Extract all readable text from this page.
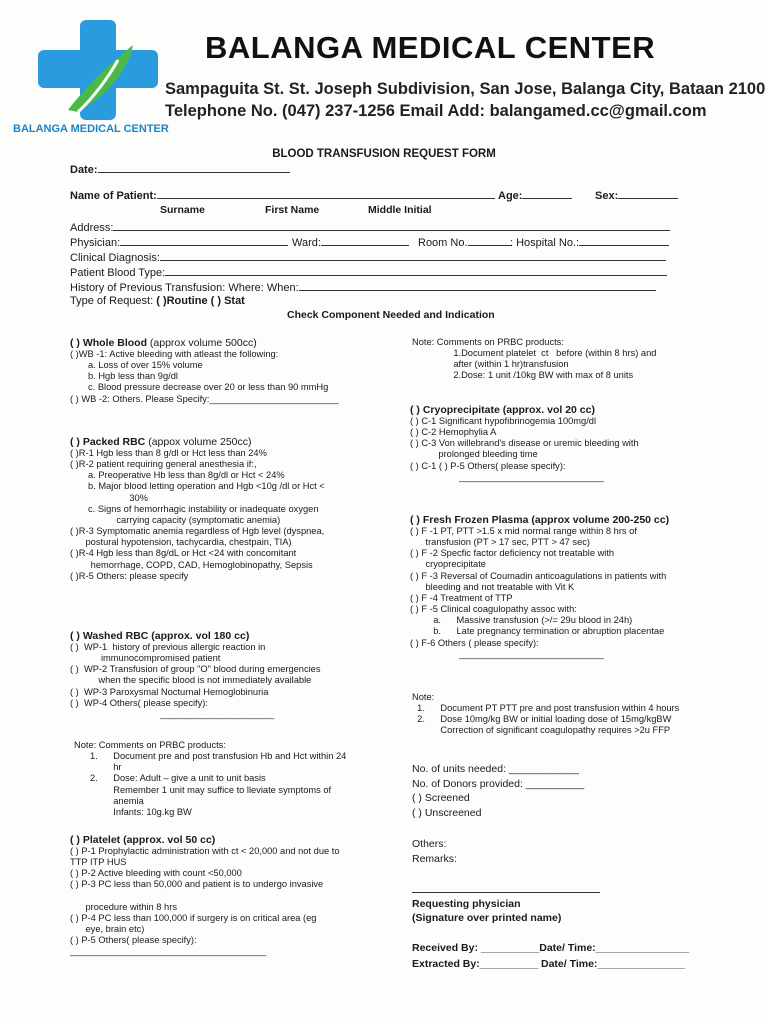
BALANGA MEDICAL CENTER
BALANGA MEDICAL CENTER
Sampaguita St. St. Joseph Subdivision, San Jose, Balanga City, Bataan 2100
Telephone No. (047) 237-1256 Email Add: balangamed.cc@gmail.com
BLOOD TRANSFUSION REQUEST FORM
Date:
Name of Patient:	Age:	Sex:
Surname	First Name	Middle Initial
Address:
Physician:	Ward:	Room No.	: Hospital No.:
Clinical Diagnosis:
Patient Blood Type:
History of Previous Transfusion: Where: When:
Type of Request: ( )Routine ( ) Stat
Check Component Needed and Indication
( ) Whole Blood (approx volume 500cc)
( )WB -1: Active bleeding with atleast the following:
a. Loss of over 15% volume
b. Hgb less than 9g/dl
c. Blood pressure decrease over 20 or less than 90 mmHg
( ) WB -2: Others. Please Specify:_________________________
( ) Packed RBC (appox volume 250cc)
( )R-1 Hgb less than 8 g/dl or Hct less than 24%
( )R-2 patient requiring general anesthesia if:,
a. Preoperative Hb less than 8g/dl or Hct < 24%
b. Major blood letting operation and Hgb <10g /dl or Hct <
30%
c. Signs of hemorrhagic instability or inadequate oxygen
carrying capacity (symptomatic anemia)
( )R-3 Symptomatic anemia regardless of Hgb level (dyspnea,
postural hypotension, tachycardia, chestpain, TIA)
( )R-4 Hgb less than 8g/dL or Hct <24 with concomitant
hemorrhage, COPD, CAD, Hemoglobinopathy, Sepsis
( )R-5 Others: please specify
( ) Washed RBC (approx. vol 180 cc)
( )  WP-1  history of previous allergic reaction in
immunocompromised patient
( )  WP-2 Transfusion of group "O" blood during emergencies
when the specific blood is not immediately available
( )  WP-3 Paroxysmal Nocturnal Hemoglobinuria
( )  WP-4 Others( please specify):
______________________
Note: Comments on PRBC products:
1.      Document pre and post transfusion Hb and Hct within 24
hr
2.      Dose: Adult – give a unit to unit basis
Remember 1 unit may suffice to lleviate symptoms of
anemia
Infants: 10g.kg BW
( ) Platelet (approx. vol 50 cc)
( ) P-1 Prophylactic administration with ct < 20,000 and not due to
TTP ITP HUS
( ) P-2 Active bleeding with count <50,000
( ) P-3 PC less than 50,000 and patient is to undergo invasive
procedure within 8 hrs
( ) P-4 PC less than 100,000 if surgery is on critical area (eg
eye, brain etc)
( ) P-5 Others( please specify):
______________________________________
Note: Comments on PRBC products:
1.Document platelet  ct   before (within 8 hrs) and
after (within 1 hr)transfusion
2.Dose: 1 unit /10kg BW with max of 8 units
( ) Cryoprecipitate (approx. vol 20 cc)
( ) C-1 Significant hypofibrinogemia 100mg/dl
( ) C-2 Hemophylia A
( ) C-3 Von willebrand's disease or uremic bleeding with
prolonged bleeding time
( ) C-1 ( ) P-5 Others( please specify):
____________________________
( ) Fresh Frozen Plasma (approx volume 200-250 cc)
( ) F -1 PT, PTT >1.5 x mid normal range within 8 hrs of
transfusion (PT > 17 sec, PTT > 47 sec)
( ) F -2 Specfic factor deficiency not treatable with
cryoprecipitate
( ) F -3 Reversal of Coumadin anticoagulations in patients with
bleeding and not treatable with Vit K
( ) F -4 Treatment of TTP
( ) F -5 Clinical coagulopathy assoc with:
a.      Massive transfusion (>/= 29u blood in 24h)
b.      Late pregnancy termination or abruption placentae
( ) F-6 Others ( please specify):
____________________________
Note:
1.      Document PT PTT pre and post transfusion within 4 hours
2.      Dose 10mg/kg BW or initial loading dose of 15mg/kgBW
Correction of significant coagulopathy requires >2u FFP
No. of units needed: ____________
No. of Donors provided: __________
( ) Screened
( ) Unscreened
Others:
Remarks:
Requesting physician
(Signature over printed name)
Received By: __________Date/ Time:________________
Extracted By:__________ Date/ Time:_______________
